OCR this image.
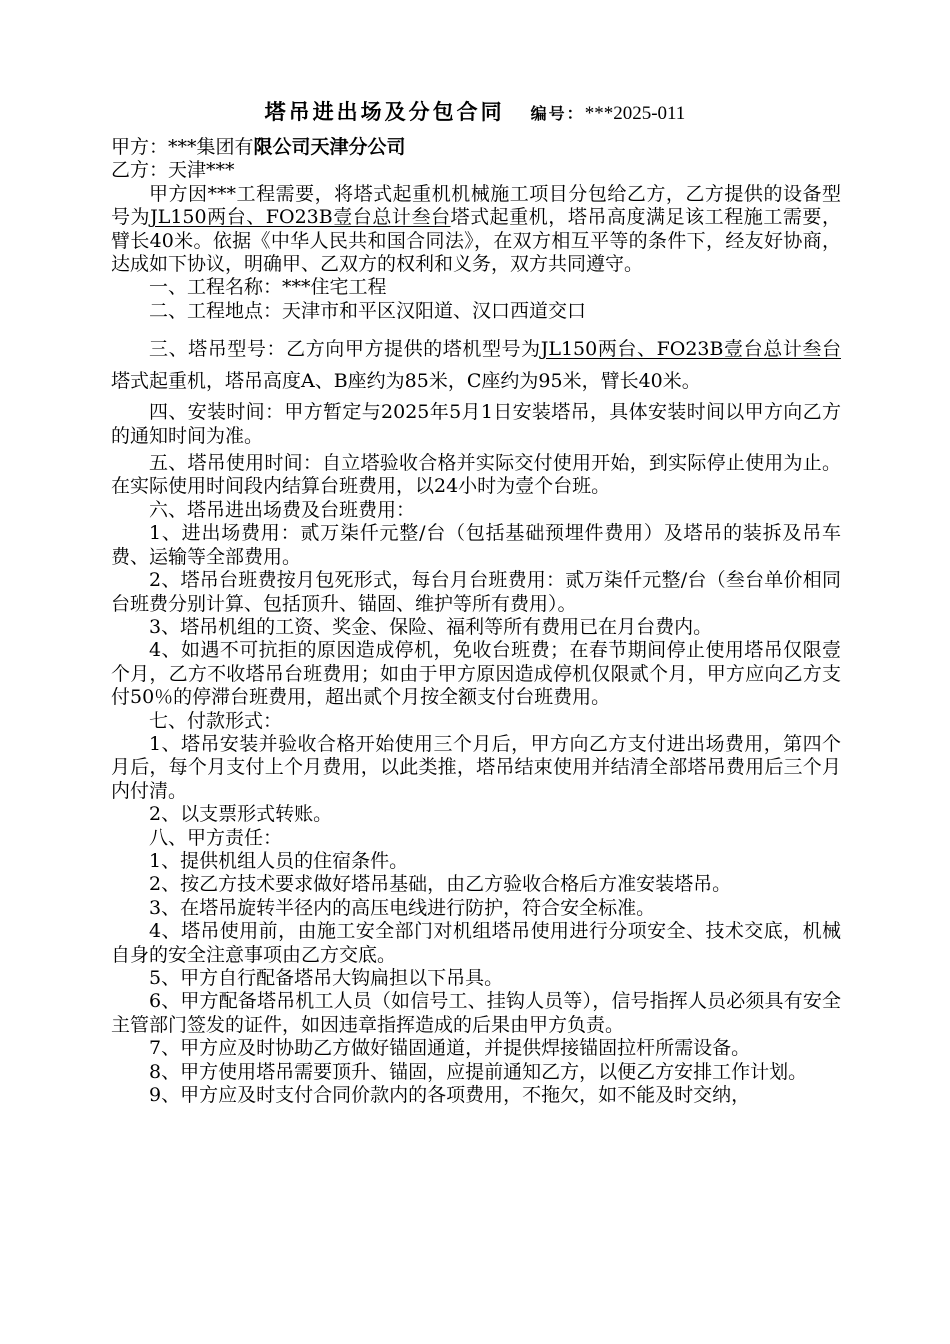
塔吊进出场及分包合同 编号：***2025-011

甲方：***集团有限公司天津分公司

乙方：天津***

甲方因***工程需要，将塔式起重机机械施工项目分包给乙方，乙方提供的设备型号为JL150两台、FO23B壹台总计叁台塔式起重机，塔吊高度满足该工程施工需要，臂长40米。依据《中华人民共和国合同法》，在双方相互平等的条件下，经友好协商，达成如下协议，明确甲、乙双方的权利和义务，双方共同遵守。

一、工程名称：***住宅工程

二、工程地点：天津市和平区汉阳道、汉口西道交口

三、塔吊型号：乙方向甲方提供的塔机型号为JL150两台、FO23B壹台总计叁台塔式起重机，塔吊高度A、B座约为85米，C座约为95米，臂长40米。

四、安装时间：甲方暂定与2025年5月1日安装塔吊，具体安装时间以甲方向乙方的通知时间为准。

五、塔吊使用时间：自立塔验收合格并实际交付使用开始，到实际停止使用为止。在实际使用时间段内结算台班费用，以24小时为壹个台班。

六、塔吊进出场费及台班费用：

1、进出场费用：贰万柒仟元整/台（包括基础预埋件费用）及塔吊的装拆及吊车费、运输等全部费用。

2、塔吊台班费按月包死形式，每台月台班费用：贰万柒仟元整/台（叁台单价相同台班费分别计算、包括顶升、锚固、维护等所有费用）。

3、塔吊机组的工资、奖金、保险、福利等所有费用已在月台费内。

4、如遇不可抗拒的原因造成停机，免收台班费；在春节期间停止使用塔吊仅限壹个月，乙方不收塔吊台班费用；如由于甲方原因造成停机仅限贰个月，甲方应向乙方支付50％的停滞台班费用，超出贰个月按全额支付台班费用。

七、付款形式：

1、塔吊安装并验收合格开始使用三个月后，甲方向乙方支付进出场费用，第四个月后，每个月支付上个月费用，以此类推，塔吊结束使用并结清全部塔吊费用后三个月内付清。

2、以支票形式转账。

八、甲方责任：

1、提供机组人员的住宿条件。

2、按乙方技术要求做好塔吊基础，由乙方验收合格后方准安装塔吊。

3、在塔吊旋转半径内的高压电线进行防护，符合安全标准。

4、塔吊使用前，由施工安全部门对机组塔吊使用进行分项安全、技术交底，机械自身的安全注意事项由乙方交底。

5、甲方自行配备塔吊大钩扁担以下吊具。

6、甲方配备塔吊机工人员（如信号工、挂钩人员等），信号指挥人员必须具有安全主管部门签发的证件，如因违章指挥造成的后果由甲方负责。

7、甲方应及时协助乙方做好锚固通道，并提供焊接锚固拉杆所需设备。

8、甲方使用塔吊需要顶升、锚固，应提前通知乙方，以便乙方安排工作计划。

9、甲方应及时支付合同价款内的各项费用，不拖欠，如不能及时交纳，
